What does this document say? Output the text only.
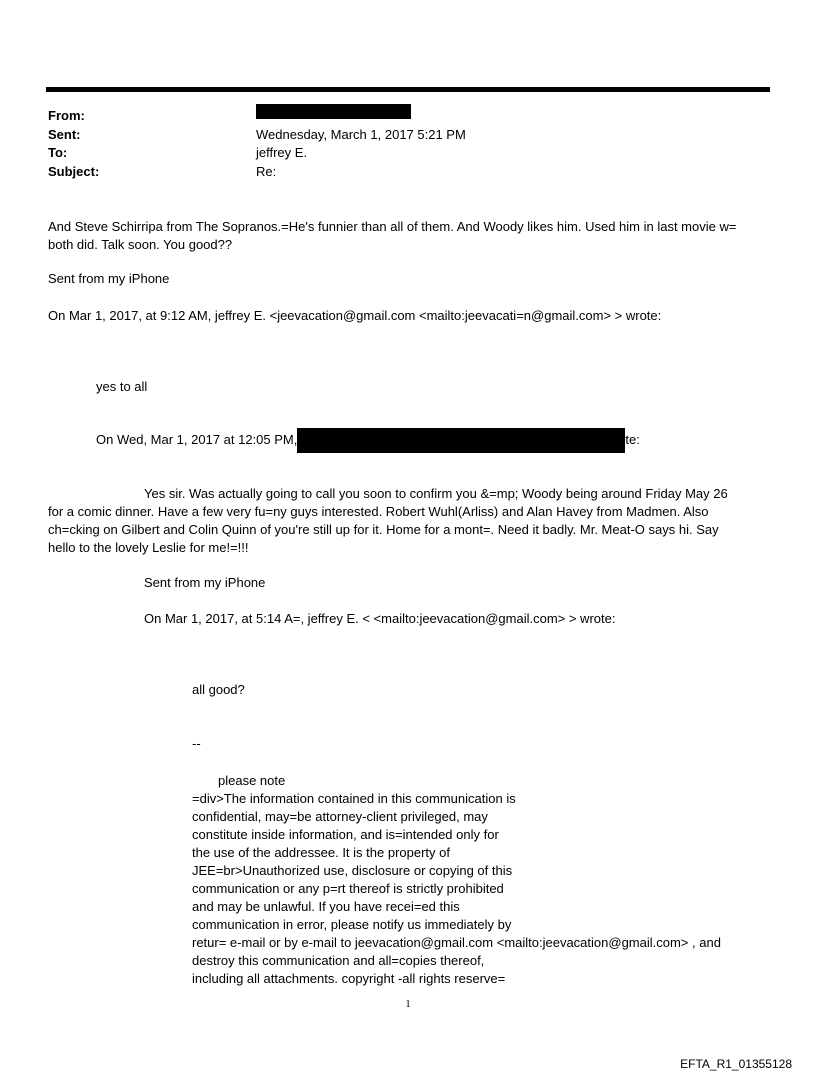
From:
Sent:	Wednesday, March 1, 2017 5:21 PM
To:	jeffrey E.
Subject:	Re:
And Steve Schirripa from The Sopranos.=He's funnier than all of them. And Woody likes him. Used him in last movie w=
both did. Talk soon. You good??
Sent from my iPhone
On Mar 1, 2017, at 9:12 AM, jeffrey E. <jeevacation@gmail.com <mailto:jeevacati=n@gmail.com> > wrote:
yes to all
On Wed, Mar 1, 2017 at 12:05 PM,	te:
Yes sir. Was actually going to call you soon to confirm you &=mp; Woody being around Friday May 26
for a comic dinner. Have a few very fu=ny guys interested. Robert Wuhl(Arliss) and Alan Havey from Madmen. Also
ch=cking on Gilbert and Colin Quinn of you're still up for it. Home for a mont=. Need it badly. Mr. Meat-O says hi. Say
hello to the lovely Leslie for me!=!!!
Sent from my iPhone
On Mar 1, 2017, at 5:14 A=, jeffrey E. < <mailto:jeevacation@gmail.com> > wrote:
all good?
--
please note
=div>The information contained in this communication is
confidential, may=be attorney-client privileged, may
constitute inside information, and is=intended only for
the use of the addressee. It is the property of
JEE=br>Unauthorized use, disclosure or copying of this
communication or any p=rt thereof is strictly prohibited
and may be unlawful. If you have recei=ed this
communication in error, please notify us immediately by
retur= e-mail or by e-mail to jeevacation@gmail.com <mailto:jeevacation@gmail.com> , and
destroy this communication and all=copies thereof,
including all attachments. copyright -all rights reserve=
1
EFTA_R1_01355128
